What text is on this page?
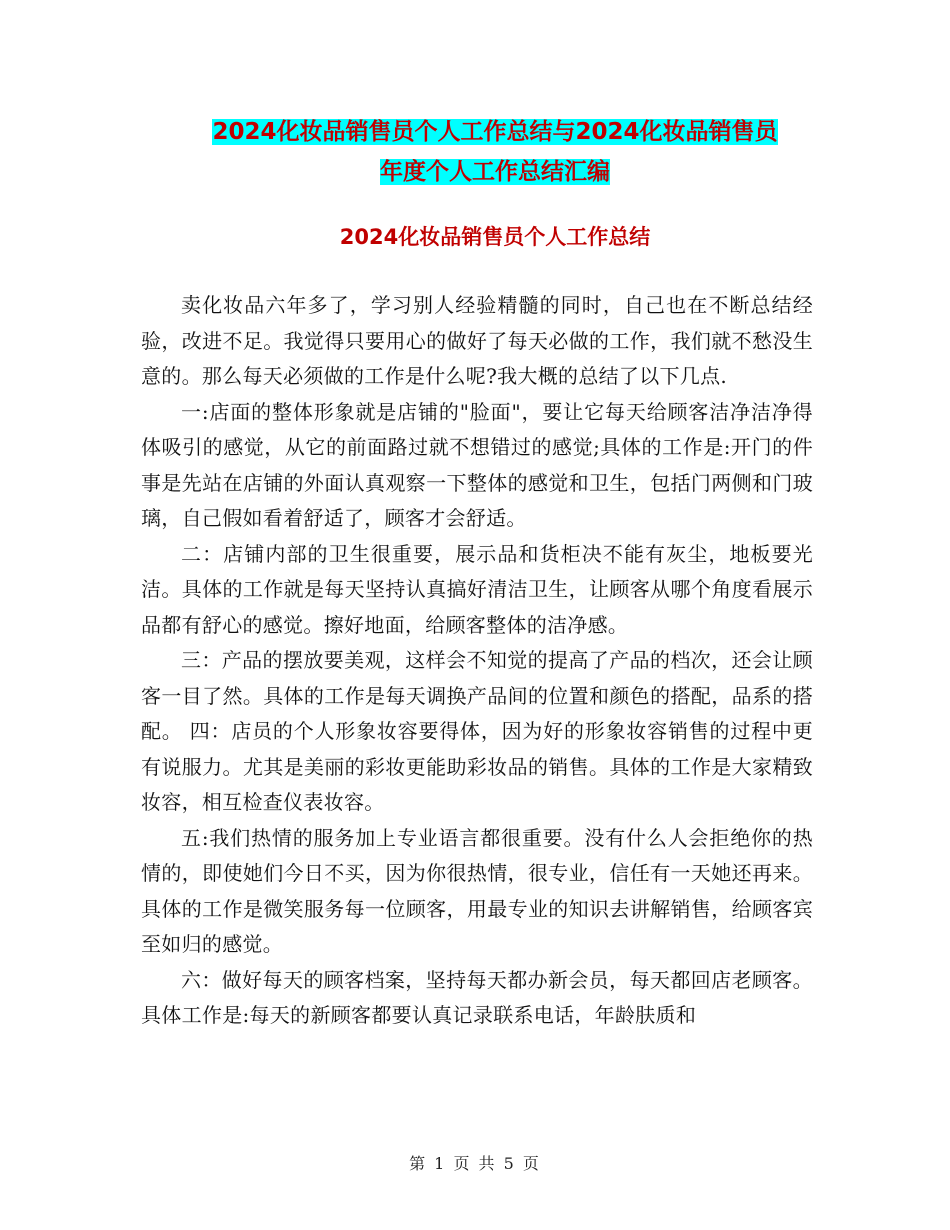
2024化妆品销售员个人工作总结与2024化妆品销售员
年度个人工作总结汇编
2024化妆品销售员个人工作总结

卖化妆品六年多了，学习别人经验精髓的同时，自己也在不断总结经验，改进不足。我觉得只要用心的做好了每天必做的工作，我们就不愁没生意的。那么每天必须做的工作是什么呢?我大概的总结了以下几点.

一:店面的整体形象就是店铺的"脸面"，要让它每天给顾客洁净洁净得体吸引的感觉，从它的前面路过就不想错过的感觉;具体的工作是:开门的件事是先站在店铺的外面认真观察一下整体的感觉和卫生，包括门两侧和门玻璃，自己假如看着舒适了，顾客才会舒适。

二：店铺内部的卫生很重要，展示品和货柜决不能有灰尘，地板要光洁。具体的工作就是每天坚持认真搞好清洁卫生，让顾客从哪个角度看展示品都有舒心的感觉。擦好地面，给顾客整体的洁净感。

三：产品的摆放要美观，这样会不知觉的提高了产品的档次，还会让顾客一目了然。具体的工作是每天调换产品间的位置和颜色的搭配，品系的搭配。 四：店员的个人形象妆容要得体，因为好的形象妆容销售的过程中更有说服力。尤其是美丽的彩妆更能助彩妆品的销售。具体的工作是大家精致妆容，相互检查仪表妆容。

五:我们热情的服务加上专业语言都很重要。没有什么人会拒绝你的热情的，即使她们今日不买，因为你很热情，很专业，信任有一天她还再来。具体的工作是微笑服务每一位顾客，用最专业的知识去讲解销售，给顾客宾至如归的感觉。

六：做好每天的顾客档案，坚持每天都办新会员，每天都回店老顾客。具体工作是:每天的新顾客都要认真记录联系电话，年龄肤质和

第 1 页 共 5 页
